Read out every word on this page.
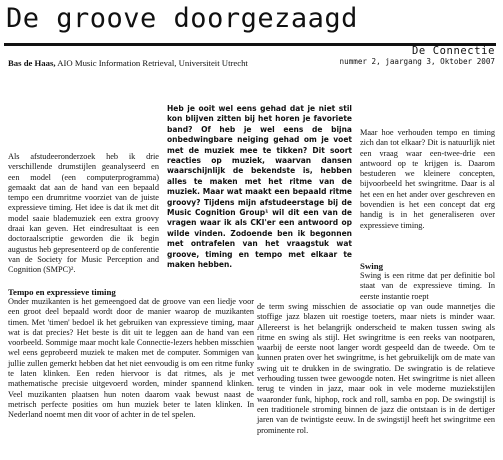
De groove doorgezaagd
De Connectie
nummer 2, jaargang 3, Oktober 2007
Bas de Haas, AIO Music Information Retrieval, Universiteit Utrecht
Heb je ooit wel eens gehad dat je niet stil kon blijven zitten bij het horen je favoriete band? Of heb je wel eens de bijna onbedwingbare neiging gehad om je voet met de muziek mee te tikken? Dit soort reacties op muziek, waarvan dansen waarschijnlijk de bekendste is, hebben alles te maken met het ritme van de muziek. Maar wat maakt een bepaald ritme groovy? Tijdens mijn afstudeerstage bij de Music Cognition Group¹ wil dit een van de vragen waar ik als CKI'er een antwoord op wilde vinden. Zodoende ben ik begonnen met ontrafelen van het vraagstuk wat groove, timing en tempo met elkaar te maken hebben.

Als afstudeeronderzoek heb ik drie verschillende drumstijlen geanalyseerd en een model (een computerprogramma) gemaakt dat aan de hand van een bepaald tempo een drumritme voorziet van de juiste expressieve timing. Het idee is dat ik met dit model saaie blademuziek een extra groovy draai kan geven. Het eindresultaat is een doctoraalscriptie geworden die ik begin augustus heb gepresenteerd op de conferentie van de Society for Music Perception and Cognition (SMPC)².

Maar hoe verhouden tempo en timing zich dan tot elkaar? Dit is natuurlijk niet een vraag waar een-twee-drie een antwoord op te krijgen is. Daarom bestuderen we kleinere concepten, bijvoorbeeld het swingritme. Daar is al het een en het ander over geschreven en bovendien is het een concept dat erg handig is in het generaliseren over expressieve timing.

Tempo en expressieve timing

Onder muzikanten is het gemeengoed dat de groove van een liedje voor een groot deel bepaald wordt door de manier waarop de muzikanten timen. Met 'timen' bedoel ik het gebruiken van expressieve timing, maar wat is dat precies? Het beste is dit uit te leggen aan de hand van een voorbeeld. Sommige maar mocht kale Connectie-lezers hebben misschien wel eens geprobeerd muziek te maken met de computer. Sommigen van jullie zullen gemerkt hebben dat het niet eenvoudig is om een ritme funky te laten klinken. Een reden hiervoor is dat ritmes, als je met mathematische precisie uitgevoerd worden, minder spannend klinken. Veel muzikanten plaatsen hun noten daarom vaak bewust naast de metrisch perfecte posities om hun muziek beter te laten klinken. In Nederland noemt men dit voor of achter in de tel spelen.

Swing

Swing is een ritme dat per definitie bol staat van de expressieve timing. In eerste instantie roept

de term swing misschien de associatie op van oude mannetjes die stoffige jazz blazen uit roestige toeters, maar niets is minder waar. Allereerst is het belangrijk onderscheid te maken tussen swing als ritme en swing als stijl. Het swingritme is een reeks van nootparen, waarbij de eerste noot langer wordt gespeeld dan de tweede. Om te kunnen praten over het swingritme, is het gebruikelijk om de mate van swing uit te drukken in de swingratio. De swingratio is de relatieve verhouding tussen twee gewoogde noten. Het swingritme is niet alleen terug te vinden in jazz, maar ook in vele moderne muziekstijlen waaronder funk, hiphop, rock and roll, samba en pop. De swingstijl is een traditionele stroming binnen de jazz die ontstaan is in de dertiger jaren van de twintigste eeuw. In de swingstijl heeft het swingritme een prominente rol.
